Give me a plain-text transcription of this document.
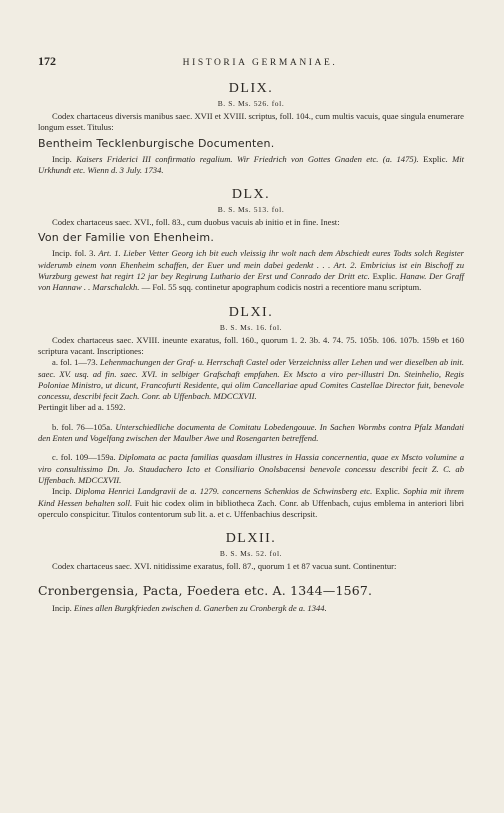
172	HISTORIA GERMANIAE.
DLIX.
B. S. Ms. 526. fol.

Codex chartaceus diversis manibus saec. XVII et XVIII. scriptus, foll. 104., cum multis vacuis, quae singula enumerare longum esset. Titulus:

Bentheim Tecklenburgische Documenten.

Incip. Kaisers Friderici III confirmatio regalium. Wir Friedrich von Gottes Gnaden etc. (a. 1475). Explic. Mit Urkhundt etc. Wienn d. 3 July. 1734.

DLX.
B. S. Ms. 513. fol.

Codex chartaceus saec. XVI., foll. 83., cum duobus vacuis ab initio et in fine. Inest:

Von der Familie von Ehenheim.

Incip. fol. 3. Art. 1. Lieber Vetter Georg ich bit euch vleissig ihr wolt nach dem Abschiedt eures Todts solch Register widerumb einem vonn Ehenheim schaffen, der Euer und mein dabei gedenkt . . . Art. 2. Embricius ist ein Bischoff zu Wurzburg gewest hat regirt 12 jar bey Regirung Luthario der Erst und Conrado der Dritt etc. Explic. Hanaw. Der Graff von Hannaw . . Marschalckh. — Fol. 55 sqq. continetur apographum codicis nostri a recentiore manu scriptum.

DLXI.
B. S. Ms. 16. fol.

Codex chartaceus saec. XVIII. ineunte exaratus, foll. 160., quorum 1. 2. 3b. 4. 74. 75. 105b. 106. 107b. 159b et 160 scriptura vacant. Inscriptiones:

a. fol. 1—73. Lehenmachungen der Graf- u. Herrschaft Castel oder Verzeichniss aller Lehen und wer dieselben ab init. saec. XV. usq. ad fin. saec. XVI. in selbiger Grafschaft empfahen. Ex Mscto a viro per-illustri Dn. Steinhelio, Regis Poloniae Ministro, ut dicunt, Francofurti Residente, qui olim Cancellariae apud Comites Castellae Director fuit, benevole concessu, describi fecit Zach. Conr. ab Uffenbach. MDCCXVII.

Pertingit liber ad a. 1592.

b. fol. 76—105a. Unterschiedliche documenta de Comitatu Lobedengouue. In Sachen Wormbs contra Pfalz Mandati den Enten und Vogelfang zwischen der Maulber Awe und Rosengarten betreffend.

c. fol. 109—159a. Diplomata ac pacta familias quasdam illustres in Hassia concernentia, quae ex Mscto volumine a viro consultissimo Dn. Jo. Staudachero Icto et Consiliario Onolsbacensi benevole concessu describi fecit Z. C. ab Uffenbach. MDCCXVII.

Incip. Diploma Henrici Landgravii de a. 1279. concernens Schenkios de Schwinsberg etc. Explic. Sophia mit ihrem Kind Hessen behalten soll. Fuit hic codex olim in bibliotheca Zach. Conr. ab Uffenbach, cujus emblema in anteriori libri operculo conspicitur. Titulos contentorum sub lit. a. et c. Uffenbachius descripsit.

DLXII.
B. S. Ms. 52. fol.

Codex chartaceus saec. XVI. nitidissime exaratus, foll. 87., quorum 1 et 87 vacua sunt. Continentur:

Cronbergensia, Pacta, Foedera etc. A. 1344—1567.

Incip. Eines allen Burgkfrieden zwischen d. Ganerben zu Cronbergk de a. 1344.
